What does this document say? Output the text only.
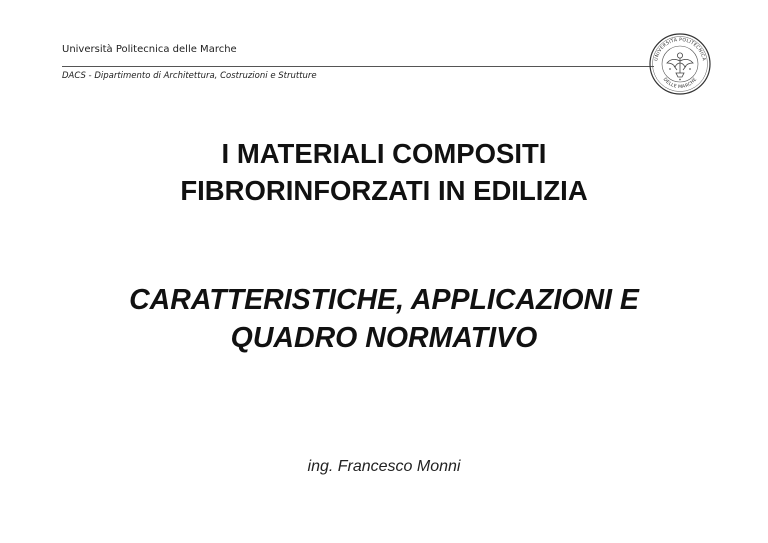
Università Politecnica delle Marche
DACS - Dipartimento di Architettura, Costruzioni e Strutture
UNIVERSITÀ POLITECNICA
DELLE MARCHE
I MATERIALI COMPOSITI
FIBRORINFORZATI IN EDILIZIA
CARATTERISTICHE, APPLICAZIONI E
QUADRO NORMATIVO
ing. Francesco Monni
